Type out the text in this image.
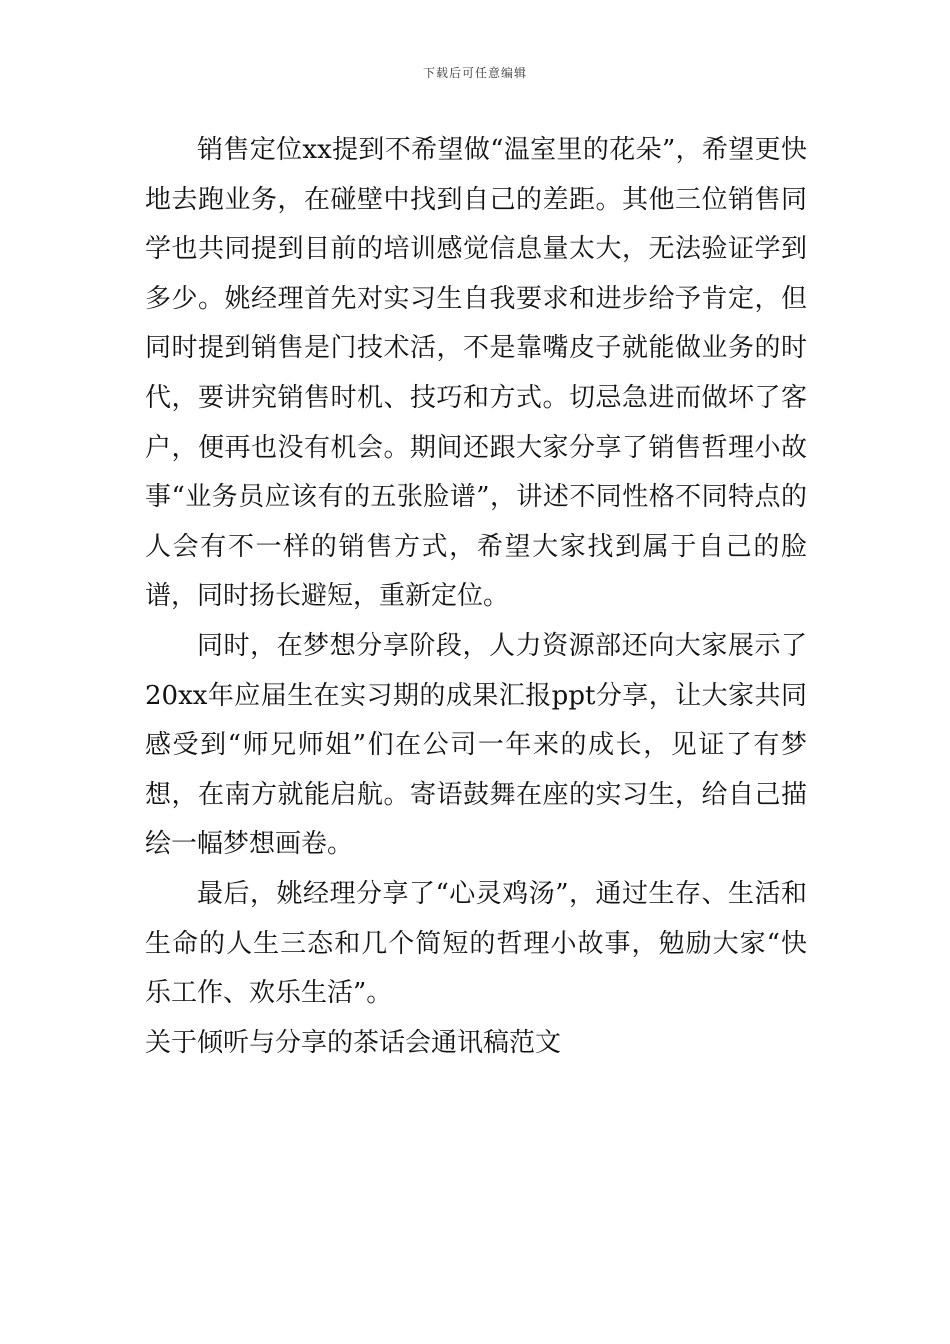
下载后可任意编辑

销售定位xx提到不希望做“温室里的花朵”，希望更快地去跑业务，在碰壁中找到自己的差距。其他三位销售同学也共同提到目前的培训感觉信息量太大，无法验证学到多少。姚经理首先对实习生自我要求和进步给予肯定，但同时提到销售是门技术活，不是靠嘴皮子就能做业务的时代，要讲究销售时机、技巧和方式。切忌急进而做坏了客户，便再也没有机会。期间还跟大家分享了销售哲理小故事“业务员应该有的五张脸谱”，讲述不同性格不同特点的人会有不一样的销售方式，希望大家找到属于自己的脸谱，同时扬长避短，重新定位。

同时，在梦想分享阶段，人力资源部还向大家展示了20xx年应届生在实习期的成果汇报ppt分享，让大家共同感受到“师兄师姐”们在公司一年来的成长，见证了有梦想，在南方就能启航。寄语鼓舞在座的实习生，给自己描绘一幅梦想画卷。

最后，姚经理分享了“心灵鸡汤”，通过生存、生活和生命的人生三态和几个简短的哲理小故事，勉励大家“快乐工作、欢乐生活”。

关于倾听与分享的茶话会通讯稿范文
